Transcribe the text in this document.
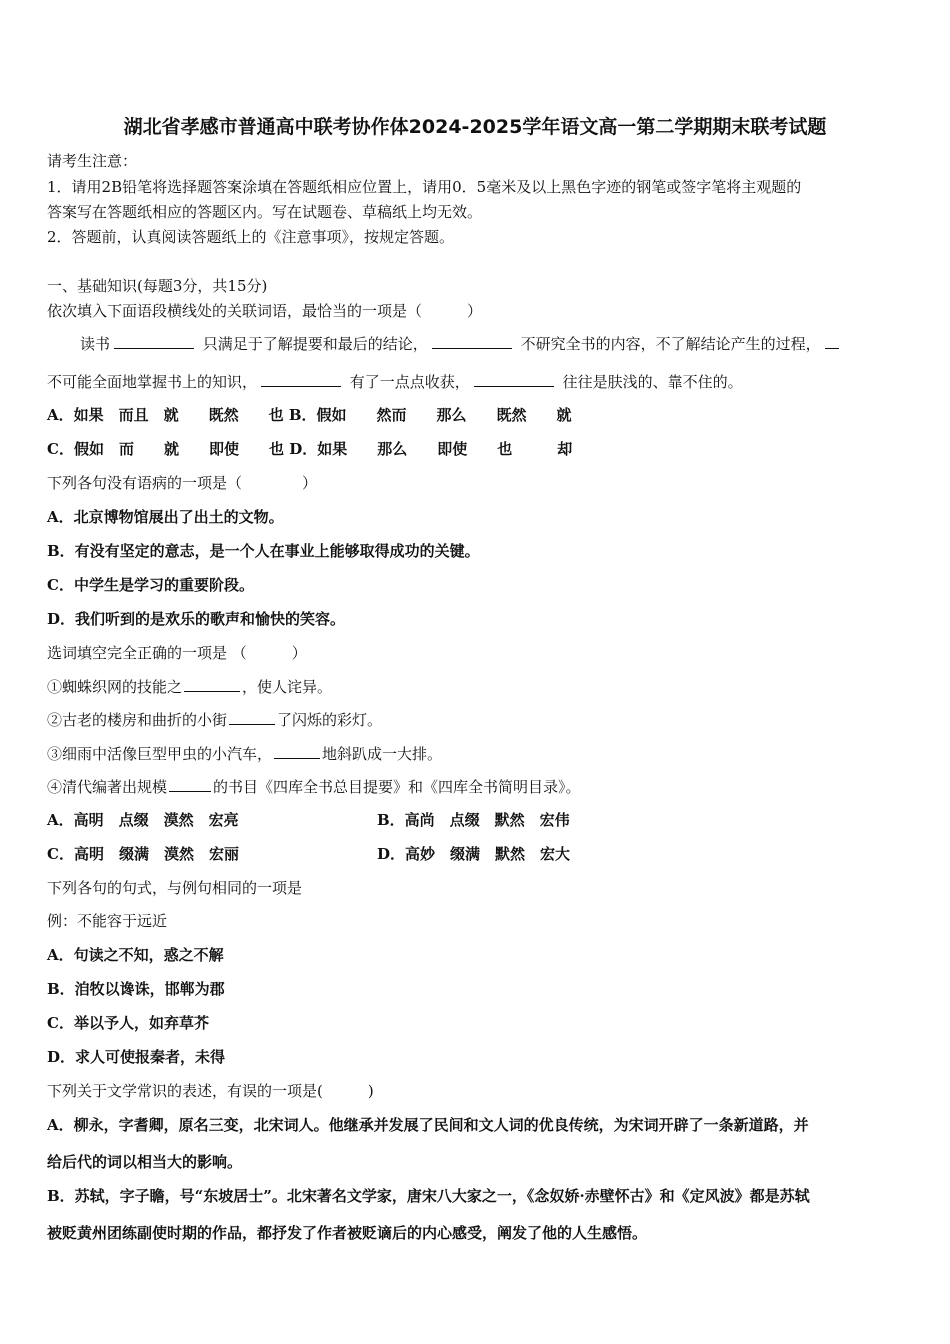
湖北省孝感市普通高中联考协作体2024-2025学年语文高一第二学期期末联考试题
请考生注意：
1．请用2B铅笔将选择题答案涂填在答题纸相应位置上，请用0．5毫米及以上黑色字迹的钢笔或签字笔将主观题的
答案写在答题纸相应的答题区内。写在试题卷、草稿纸上均无效。
2．答题前，认真阅读答题纸上的《注意事项》，按规定答题。
一、基础知识(每题3分，共15分)
依次填入下面语段横线处的关联词语，最恰当的一项是（　　　）
读书	只满足于了解提要和最后的结论，	不研究全书的内容，不了解结论产生的过程，
不可能全面地掌握书上的知识，	有了一点点收获，	往往是肤浅的、靠不住的。
A．如果　而且　就　　既然　　也 B．假如　　然而　　那么　　既然　　就
C．假如　而　　就　　即使　　也 D．如果　　那么　　即使　　也　　　却
下列各句没有语病的一项是（　　　　）
A．北京博物馆展出了出土的文物。
B．有没有坚定的意志，是一个人在事业上能够取得成功的关键。
C．中学生是学习的重要阶段。
D．我们听到的是欢乐的歌声和愉快的笑容。
选词填空完全正确的一项是 （　　　）
①蜘蛛织网的技能之	，使人诧异。
②古老的楼房和曲折的小街	了闪烁的彩灯。
③细雨中活像巨型甲虫的小汽车，	地斜趴成一大排。
④清代编著出规模	的书目《四库全书总目提要》和《四库全书简明目录》。
A．高明　点缀　漠然　宏亮	B．高尚　点缀　默然　宏伟
C．高明　缀满　漠然　宏丽	D．高妙　缀满　默然　宏大
下列各句的句式，与例句相同的一项是
例：不能容于远近
A．句读之不知，惑之不解
B．洎牧以谗诛，邯郸为郡
C．举以予人，如弃草芥
D．求人可使报秦者，未得
下列关于文学常识的表述，有误的一项是(　　　)
A．柳永，字耆卿，原名三变，北宋词人。他继承并发展了民间和文人词的优良传统，为宋词开辟了一条新道路，并
给后代的词以相当大的影响。
B．苏轼，字子瞻，号“东坡居士”。北宋著名文学家，唐宋八大家之一，《念奴娇·赤壁怀古》和《定风波》都是苏轼
被贬黄州团练副使时期的作品，都抒发了作者被贬谪后的内心感受，阐发了他的人生感悟。
